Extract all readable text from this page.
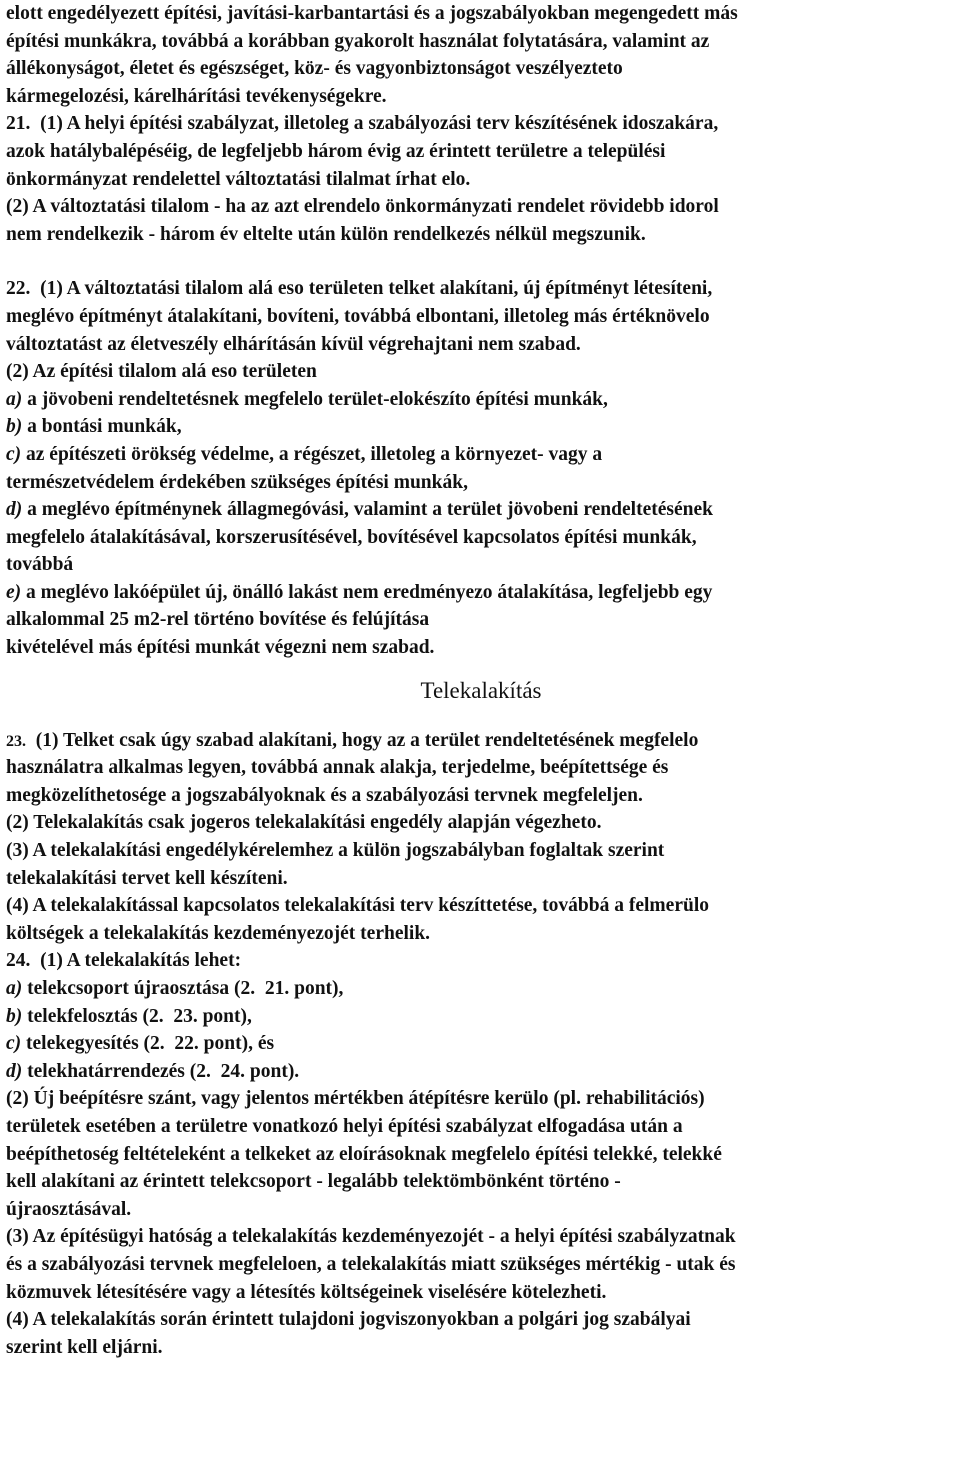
elott engedélyezett építési, javítási-karbantartási és a jogszabályokban megengedett más
építési munkákra, továbbá a korábban gyakorolt használat folytatására, valamint az
állékonyságot, életet és egészséget, köz- és vagyonbiztonságot veszélyezteto
kármegelozési, kárelhárítási tevékenységekre.
21.  (1) A helyi építési szabályzat, illetoleg a szabályozási terv készítésének idoszakára,
azok hatálybalépéséig, de legfeljebb három évig az érintett területre a települési
önkormányzat rendelettel változtatási tilalmat írhat elo.
(2) A változtatási tilalom - ha az azt elrendelo önkormányzati rendelet rövidebb idorol
nem rendelkezik - három év eltelte után külön rendelkezés nélkül megszunik.
22.  (1) A változtatási tilalom alá eso területen telket alakítani, új építményt létesíteni,
meglévo építményt átalakítani, bovíteni, továbbá elbontani, illetoleg más értéknövelo
változtatást az életveszély elhárításán kívül végrehajtani nem szabad.
(2) Az építési tilalom alá eso területen
a) a jövobeni rendeltetésnek megfelelo terület-elokészíto építési munkák,
b) a bontási munkák,
c) az építészeti örökség védelme, a régészet, illetoleg a környezet- vagy a
természetvédelem érdekében szükséges építési munkák,
d) a meglévo építménynek állagmegóvási, valamint a terület jövobeni rendeltetésének
megfelelo átalakításával, korszerusítésével, bovítésével kapcsolatos építési munkák,
továbbá
e) a meglévo lakóépület új, önálló lakást nem eredményezo átalakítása, legfeljebb egy
alkalommal 25 m2-rel történo bovítése és felújítása
kivételével más építési munkát végezni nem szabad.
Telekalakítás
23.  (1) Telket csak úgy szabad alakítani, hogy az a terület rendeltetésének megfelelo
használatra alkalmas legyen, továbbá annak alakja, terjedelme, beépítettsége és
megközelíthetosége a jogszabályoknak és a szabályozási tervnek megfeleljen.
(2) Telekalakítás csak jogeros telekalakítási engedély alapján végezheto.
(3) A telekalakítási engedélykérelemhez a külön jogszabályban foglaltak szerint
telekalakítási tervet kell készíteni.
(4) A telekalakítással kapcsolatos telekalakítási terv készíttetése, továbbá a felmerülo
költségek a telekalakítás kezdeményezojét terhelik.
24.  (1) A telekalakítás lehet:
a) telekcsoport újraosztása (2.  21. pont),
b) telekfelosztás (2.  23. pont),
c) telekegyesítés (2.  22. pont), és
d) telekhatárrendezés (2.  24. pont).
(2) Új beépítésre szánt, vagy jelentos mértékben átépítésre kerülo (pl. rehabilitációs)
területek esetében a területre vonatkozó helyi építési szabályzat elfogadása után a
beépíthetoség feltételeként a telkeket az eloírásoknak megfelelo építési telekké, telekké
kell alakítani az érintett telekcsoport - legalább telektömbönként történo -
újraosztásával.
(3) Az építésügyi hatóság a telekalakítás kezdeményezojét - a helyi építési szabályzatnak
és a szabályozási tervnek megfeleloen, a telekalakítás miatt szükséges mértékig - utak és
közmuvek létesítésére vagy a létesítés költségeinek viselésére kötelezheti.
(4) A telekalakítás során érintett tulajdoni jogviszonyokban a polgári jog szabályai
szerint kell eljárni.
